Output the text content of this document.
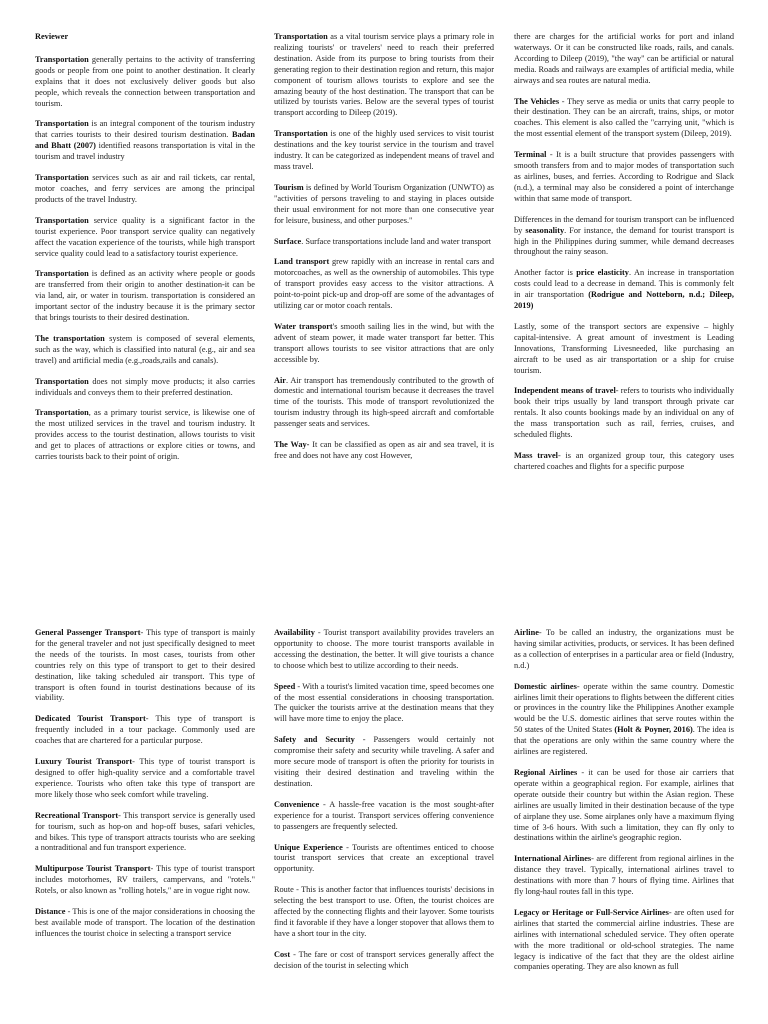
Reviewer

Transportation generally pertains to the activity of transferring goods or people from one point to another destination. It clearly explains that it does not exclusively deliver goods but also people, which reveals the connection between transportation and tourism.

Transportation is an integral component of the tourism industry that carries tourists to their desired tourism destination. Badan and Bhatt (2007) identified reasons transportation is vital in the tourism and travel industry

Transportation services such as air and rail tickets, car rental, motor coaches, and ferry services are among the principal products of the travel Industry.

Transportation service quality is a significant factor in the tourist experience. Poor transport service quality can negatively affect the vacation experience of the tourists, while high transport service quality could lead to a satisfactory tourist experience.

Transportation is defined as an activity where people or goods are transferred from their origin to another destination-it can be via land, air, or water in tourism. transportation is considered an important sector of the industry because it is the primary sector that brings tourists to their desired destination.

The transportation system is composed of several elements, such as the way, which is classified into natural (e.g., air and sea travel) and artificial media (e.g.,roads,rails and canals).

Transportation does not simply move products; it also carries individuals and conveys them to their preferred destination.

Transportation, as a primary tourist service, is likewise one of the most utilized services in the travel and tourism industry. It provides access to the tourist destination, allows tourists to visit and get to places of attractions or explore cities or towns, and carries tourists back to their point of origin.

Transportation as a vital tourism service plays a primary role in realizing tourists' or travelers' need to reach their preferred destination. Aside from its purpose to bring tourists from their generating region to their destination region and return, this major component of tourism allows tourists to explore and see the amazing beauty of the host destination. The transport that can be utilized by tourists varies. Below are the several types of tourist transport according to Dileep (2019).

Transportation is one of the highly used services to visit tourist destinations and the key tourist service in the tourism and travel industry. It can be categorized as independent means of travel and mass travel.

Tourism is defined by World Tourism Organization (UNWTO) as "activities of persons traveling to and staying in places outside their usual environment for not more than one consecutive year for leisure, business, and other purposes."

Surface. Surface transportations include land and water transport

Land transport grew rapidly with an increase in rental cars and motorcoaches, as well as the ownership of automobiles. This type of transport provides easy access to the visitor attractions. A point-to-point pick-up and drop-off are some of the advantages of utilizing car or motor coach rentals.

Water transport's smooth sailing lies in the wind, but with the advent of steam power, it made water transport far better. This transport allows tourists to see visitor attractions that are only accessible by.

Air. Air transport has tremendously contributed to the growth of domestic and international tourism because it decreases the travel time of the tourists. This mode of transport revolutionized the tourism industry through its high-speed aircraft and comfortable passenger seats and services.

The Way- It can be classified as open as air and sea travel, it is free and does not have any cost However,

there are charges for the artificial works for port and inland waterways. Or it can be constructed like roads, rails, and canals. According to Dileep (2019), "the way" can be artificial or natural media. Roads and railways are examples of artificial media, while airways and sea routes are natural media.

The Vehicles - They serve as media or units that carry people to their destination. They can be an aircraft, trains, ships, or motor coaches. This element is also called the "carrying unit, "which is the most essential element of the transport system (Dileep, 2019).

Terminal - It is a built structure that provides passengers with smooth transfers from and to major modes of transportation such as airlines, buses, and ferries. According to Rodrigue and Slack (n.d.), a terminal may also be considered a point of interchange within that same mode of transport.

Differences in the demand for tourism transport can be influenced by seasonality. For instance, the demand for tourist transport is high in the Philippines during summer, while demand decreases throughout the rainy season.

Another factor is price elasticity. An increase in transportation costs could lead to a decrease in demand. This is commonly felt in air transportation (Rodrigue and Notteborn, n.d.; Dileep, 2019)

Lastly, some of the transport sectors are expensive – highly capital-intensive. A great amount of investment is Leading Innovations, Transforming Livesneeded, like purchasing an aircraft to be used as air transportation or a ship for cruise tourism.

Independent means of travel- refers to tourists who individually book their trips usually by land transport through private car rentals. It also counts bookings made by an individual on any of the mass transportation such as rail, ferries, cruises, and scheduled flights.

Mass travel- is an organized group tour, this category uses chartered coaches and flights for a specific purpose

General Passenger Transport- This type of transport is mainly for the general traveler and not just specifically designed to meet the needs of the tourists. In most cases, tourists from other countries rely on this type of transport to get to their desired destination, like taking scheduled air transport. This type of transport is often found in tourist destinations because of its viability.

Dedicated Tourist Transport- This type of transport is frequently included in a tour package. Commonly used are coaches that are chartered for a particular purpose.

Luxury Tourist Transport- This type of tourist transport is designed to offer high-quality service and a comfortable travel experience. Tourists who often take this type of transport are more likely those who seek comfort while traveling.

Recreational Transport- This transport service is generally used for tourism, such as hop-on and hop-off buses, safari vehicles, and bikes. This type of transport attracts tourists who are seeking a nontraditional and fun transport experience.

Multipurpose Tourist Transport- This type of tourist transport includes motorhomes, RV trailers, campervans, and "rotels." Rotels, or also known as "rolling hotels," are in vogue right now.

Distance - This is one of the major considerations in choosing the best available mode of transport. The location of the destination influences the tourist choice in selecting a transport service

Availability - Tourist transport availability provides travelers an opportunity to choose. The more tourist transports available in accessing the destination, the better. It will give tourists a chance to choose which best to utilize according to their needs.

Speed - With a tourist's limited vacation time, speed becomes one of the most essential considerations in choosing transportation. The quicker the tourists arrive at the destination means that they will have more time to enjoy the place.

Safety and Security - Passengers would certainly not compromise their safety and security while traveling. A safer and more secure mode of transport is often the priority for tourists in visiting their desired destination and traveling within the destination.

Convenience - A hassle-free vacation is the most sought-after experience for a tourist. Transport services offering convenience to passengers are frequently selected.

Unique Experience - Tourists are oftentimes enticed to choose tourist transport services that create an exceptional travel opportunity.

Route - This is another factor that influences tourists' decisions in selecting the best transport to use. Often, the tourist choices are affected by the connecting flights and their layover. Some tourists find it favorable if they have a longer stopover that allows them to have a short tour in the city.

Cost - The fare or cost of transport services generally affect the decision of the tourist in selecting which

Airline- To be called an industry, the organizations must be having similar activities, products, or services. It has been defined as a collection of enterprises in a particular area or field (Industry, n.d.)

Domestic airlines- operate within the same country. Domestic airlines limit their operations to flights between the different cities or provinces in the country like the Philippines Another example would be the U.S. domestic airlines that serve routes within the 50 states of the United States (Holt & Poyner, 2016). The idea is that the operations are only within the same country where the airlines are registered.

Regional Airlines - it can be used for those air carriers that operate within a geographical region. For example, airlines that operate outside their country but within the Asian region. These airlines are usually limited in their destination because of the type of airplane they use. Some airplanes only have a maximum flying time of 3-6 hours. With such a limitation, they can fly only to destinations within the airline's geographic region.

International Airlines- are different from regional airlines in the distance they travel. Typically, international airlines travel to destinations with more than 7 hours of flying time. Airlines that fly long-haul routes fall in this type.

Legacy or Heritage or Full-Service Airlines- are often used for airlines that started the commercial airline industries. These are airlines with international scheduled service. They often operate with the more traditional or old-school strategies. The name legacy is indicative of the fact that they are the oldest airline companies operating. They are also known as full
